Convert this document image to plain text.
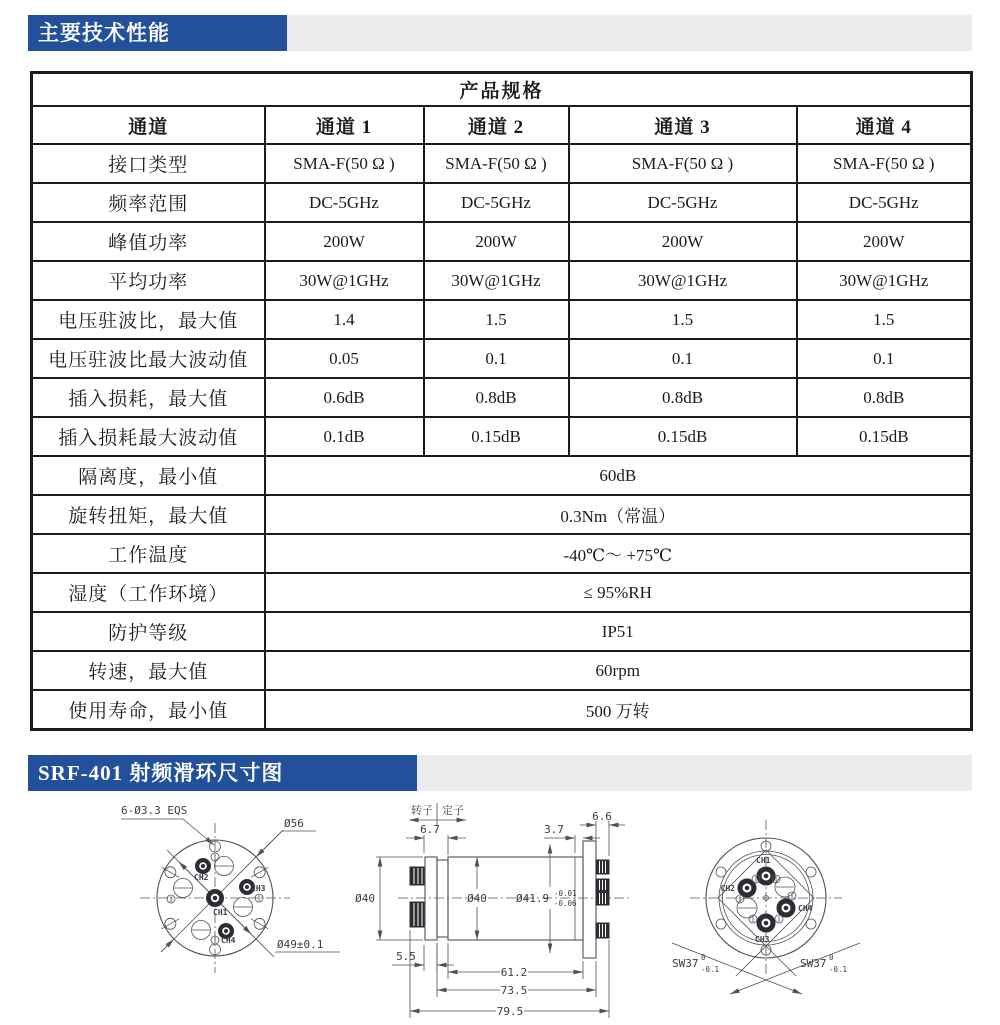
主要技术性能
产品规格				
通道	通道 1	通道 2	通道 3	通道 4
接口类型	SMA-F(50 Ω )	SMA-F(50 Ω )	SMA-F(50 Ω )	SMA-F(50 Ω )
频率范围	DC-5GHz	DC-5GHz	DC-5GHz	DC-5GHz
峰值功率	200W	200W	200W	200W
平均功率	30W@1GHz	30W@1GHz	30W@1GHz	30W@1GHz
电压驻波比，最大值	1.4	1.5	1.5	1.5
电压驻波比最大波动值	0.05	0.1	0.1	0.1
插入损耗，最大值	0.6dB	0.8dB	0.8dB	0.8dB
插入损耗最大波动值	0.1dB	0.15dB	0.15dB	0.15dB
隔离度，最小值	60dB			
旋转扭矩，最大值	0.3Nm（常温）			
工作温度	-40℃～ +75℃			
湿度（工作环境）	≤ 95%RH			
防护等级	IP51			
转速，最大值	60rpm			
使用寿命，最小值	500 万转			
SRF-401 射频滑环尺寸图
6-Ø3.3 EQS
Ø56
Ø49±0.1
CH1
CH2
CH3
CH4
转子 定子
6.7	3.7
6.6
Ø40	Ø40	Ø41.9 -0.01
-0.06
5.5
61.2
73.5
79.5
CH1
CH2
CH3
CH4
SW37 0
-0.1	SW37 0
-0.1
